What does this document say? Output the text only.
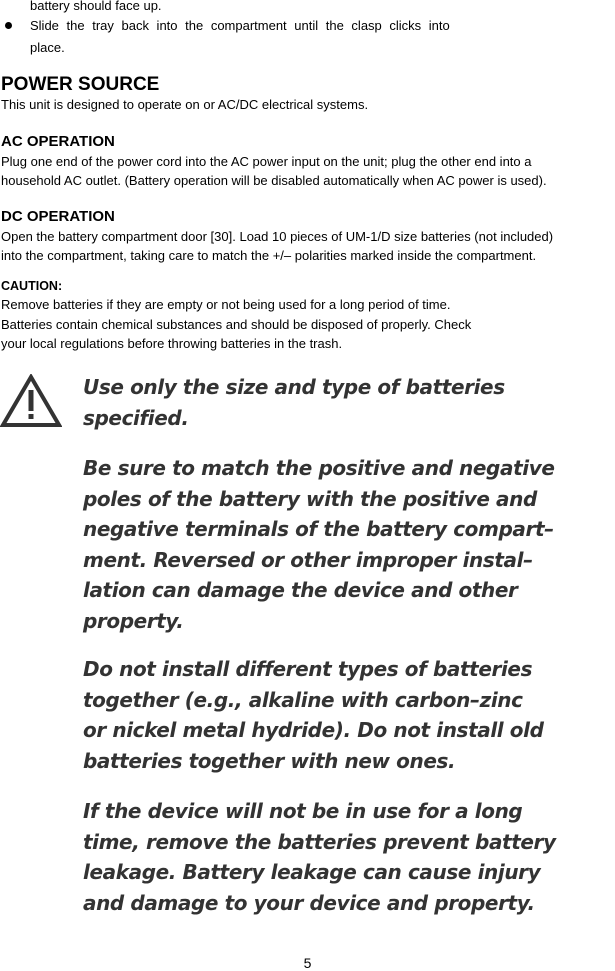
battery should face up.
Slide the tray back into the compartment until the clasp clicks into
place.
POWER SOURCE
This unit is designed to operate on or AC/DC electrical systems.
AC OPERATION
Plug one end of the power cord into the AC power input on the unit; plug the other end into a
household AC outlet. (Battery operation will be disabled automatically when AC power is used).
DC OPERATION
Open the battery compartment door [30]. Load 10 pieces of UM-1/D size batteries (not included)
into the compartment, taking care to match the +/– polarities marked inside the compartment.
CAUTION:
Remove batteries if they are empty or not being used for a long period of time.
Batteries contain chemical substances and should be disposed of properly. Check
your local regulations before throwing batteries in the trash.
Use only the size and type of batteries
specified.
Be sure to match the positive and negative
poles of the battery with the positive and
negative terminals of the battery compart–
ment. Reversed or other improper instal–
lation can damage the device and other
property.
Do not install different types of batteries
together (e.g., alkaline with carbon–zinc
or nickel metal hydride). Do not install old
batteries together with new ones.
If the device will not be in use for a long
time, remove the batteries prevent battery
leakage. Battery leakage can cause injury
and damage to your device and property.
5
